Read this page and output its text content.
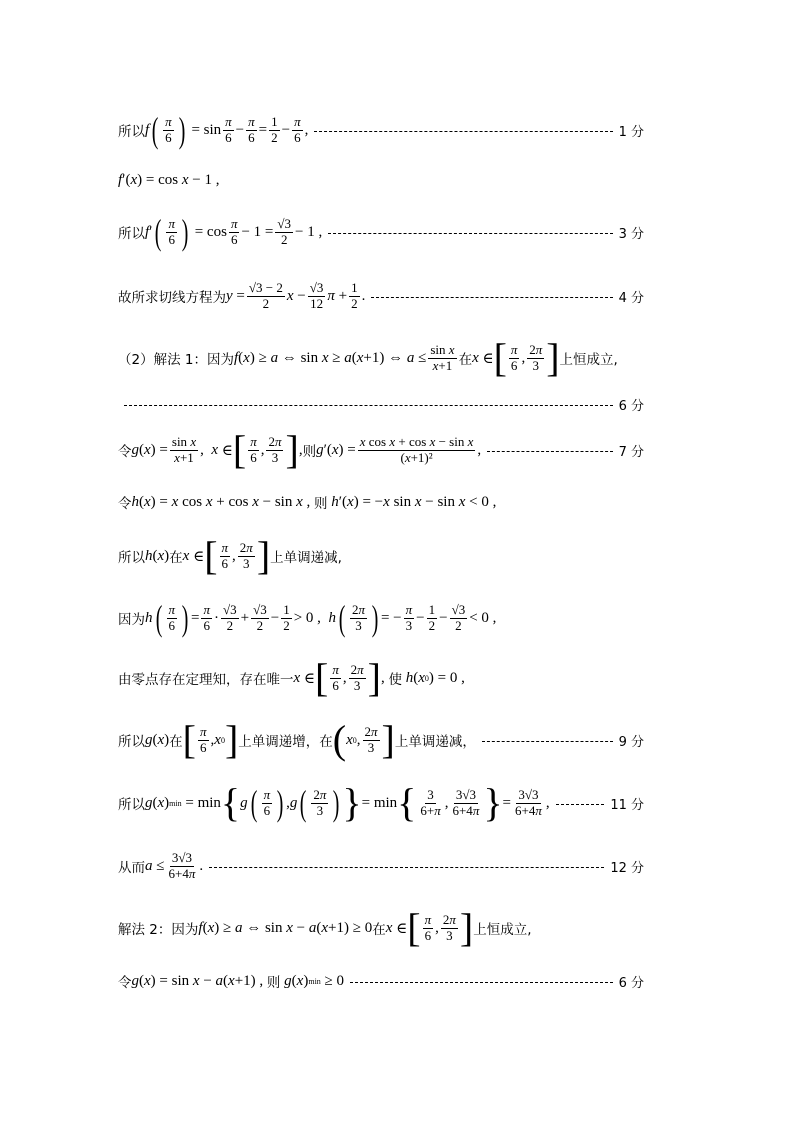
所以 f ( $\frac{\pi}{6}$ ) = $\sin \frac{\pi}{6} - \frac{\pi}{6} = \frac{1}{2} - \frac{\pi}{6}$ ,	1 分
f ′( x ) = cos x − 1 ,
所以 f ′ ( $\frac{\pi}{6}$ ) = $\cos \frac{\pi}{6} - 1 = \frac{√3}{2} - 1$ ,	3 分
故所求切线方程为 $y = \frac{√3 - 2}{2}$ $x - \frac{√3}{12}$ $\pi + \frac{1}{2}$ .	4 分
（2）解法 1：因为 f ( x ) ≥ a ⇔ sin x ≥ a ( x +1) ⇔ $a \le \frac{\text{sin x}}{x+1}$ 在 x ∈ [ $\frac{\pi}{6}$ , $\frac{2\pi}{3}$ ] 上恒成立,
6 分
令 g ( x ) = $\frac{\text{sin x}}{x+1}$ , x ∈ [ $\frac{\pi}{6}$ , $\frac{2\pi}{3}$ ] , 则 g ′( x ) = $\frac{\text{x cos x + cos x − sin x}}{\text{(x+1)²}}$ ,	7 分
令 h ( x ) = x cos x + cos x − sin x , 则
h ′( x ) = − x sin x − sin x < 0 ,
所以 h ( x ) 在 x ∈ [ $\frac{\pi}{6}$ , $\frac{2\pi}{3}$ ] 上单调递减,
因为 h ( $\frac{\pi}{6}$ ) = $\frac{\pi}{6} \cdot \frac{√3}{2} + \frac{√3}{2} - \frac{1}{2} > 0$ , h ( $\frac{2\pi}{3}$ ) = − $\frac{\pi}{3} - \frac{1}{2} - \frac{√3}{2} < 0$ ,
由零点存在定理知，存在唯一 x ∈ [ $\frac{\pi}{6}$ , $\frac{2\pi}{3}$ ] , 使
h ( x 0 ) = 0 ,
所以 g ( x ) 在 [ $\frac{\pi}{6}$ , x 0 ] 上单调递增，在 ( x 0 , $\frac{2\pi}{3}$ ] 上单调递减，	9 分
所以 g ( x ) min = min { g ( $\frac{\pi}{6}$ ) , g ( $\frac{2\pi}{3}$ ) } = min { $\frac{3}{6+\pi}$ , $\frac{3√3}{6+4\pi}$ } = $\frac{3√3}{6+4\pi}$ ,	11 分
从而 $a \le \frac{3√3}{6+4\pi}$ .	12 分
解法 2：因为 f ( x ) ≥ a ⇔ sin x − a ( x +1) ≥ 0 在 x ∈ [ $\frac{\pi}{6}$ , $\frac{2\pi}{3}$ ] 上恒成立,
令 g ( x ) = sin x − a ( x +1) , 则
g ( x ) min ≥ 0	6 分
